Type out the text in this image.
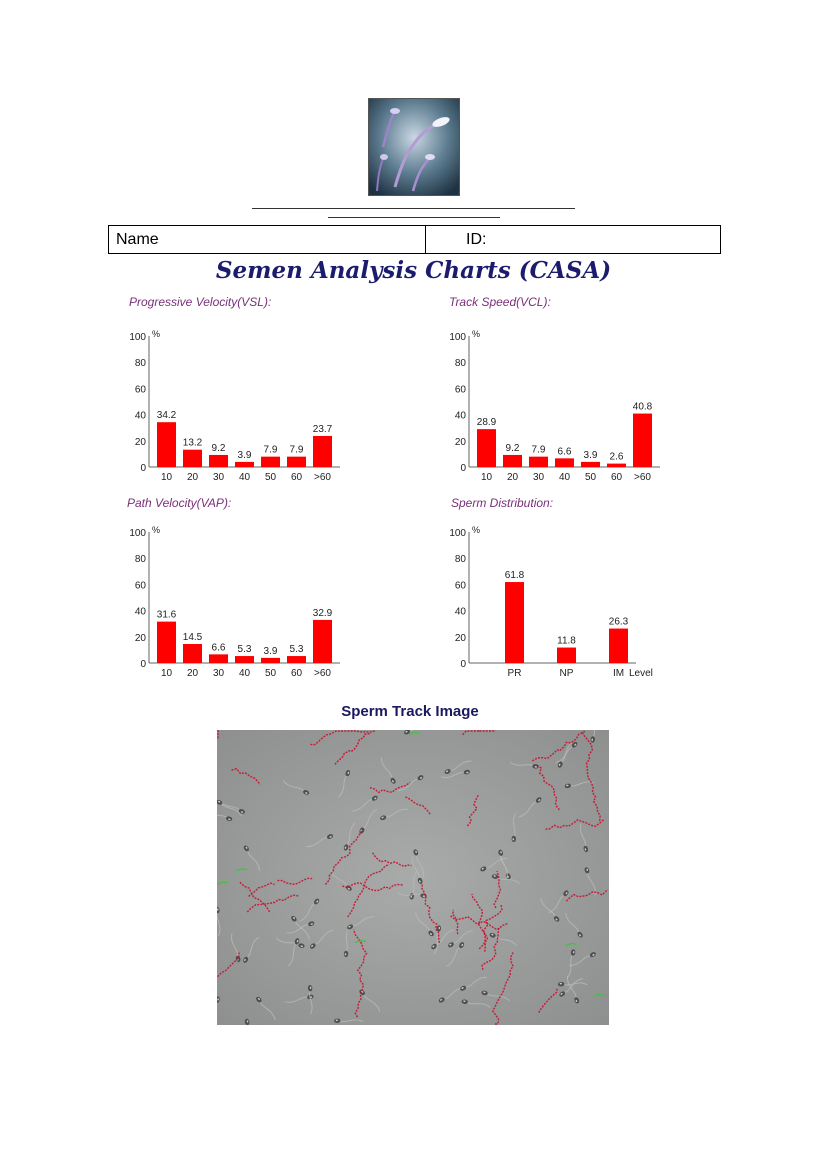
Name	ID:
Semen Analysis Charts (CASA)

Progressive Velocity(VSL):	Track Speed(VCL):

Path Velocity(VAP):	Sperm Distribution:

100
80
60
40
20
0
%
34.2
10
13.2
20
9.2
30
3.9
40
7.9
50
7.9
60
23.7
>60
100
80
60
40
20
0
%
28.9
10
9.2
20
7.9
30
6.6
40
3.9
50
2.6
60
40.8
>60
100
80
60
40
20
0
%
31.6
10
14.5
20
6.6
30
5.3
40
3.9
50
5.3
60
32.9
>60
100
80
60
40
20
0
%
61.8
PR
11.8
NP
26.3
IM Level

Sperm Track Image
